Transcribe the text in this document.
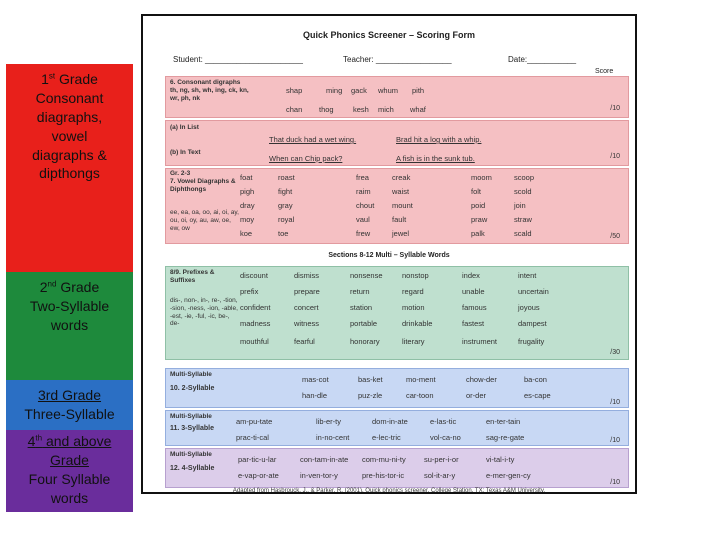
1st Grade
Consonant
diagraphs,
vowel
diagraphs &
dipthongs
2nd Grade
Two-Syllable
words
3rd Grade
Three-Syllable
4th and above
Grade
Four Syllable
words
Quick Phonics Screener – Scoring Form
Student: ______________________	Teacher: _________________	Date:___________
Score
6. Consonant digraphs th, ng, sh, wh, ing, ck, kn, wr, ph, nk
shap	ming gack whum pith
chan thog	kesh mich whaf	/10
(a) In List
(b) In Text
That duck had a wet wing.	Brad hit a log with a whip.
When can Chip pack?	A fish is in the sunk tub.	/10
Gr. 2-3
7. Vowel Diagraphs & Diphthongs
ee, ea, oa, oo, ai, oi, ay, ou, oi, oy, au, aw, oe, ew, ow
foat	roast	frea	creak	moom	scoop
pigh	fight	raim	waist	folt	scold
dray	gray	chout mount	poid	join
moy	royal	vaul	fault	praw	straw
koe	toe	frew	jewel	palk	scald	/50
Sections 8-12 Multi – Syllable Words
8/9. Prefixes & Suffixes
dis-, non-, in-, re-, -tion, -sion, -ness, -ion, -able, -est, -ie, -ful, -ic, be-, de-
discount	dismiss	nonsense	nonstop	index	intent
prefix	prepare	return	regard	unable	uncertain
confident	concert	station	motion	famous	joyous
madness	witness	portable	drinkable	fastest	dampest
mouthful	fearful	honorary	literary	instrument	frugality
/30
Multi-Syllable
10. 2-Syllable
mas-cot	bas-ket	mo-ment	chow-der	ba-con
han-dle	puz-zle	car-toon	or-der	es-cape
/10
Multi-Syllable
11. 3-Syllable
am-pu-tate	lib-er-ty	dom-in-ate	e-las-tic	en-ter-tain
prac-ti-cal	in-no-cent	e-lec-tric	vol-ca-no	sag-re-gate	/10
Multi-Syllable
12. 4-Syllable
par-tic-u-lar	con-tam-in-ate com-mu-ni-ty su-per-i-or	vi-tal-i-ty
e-vap-or-ate	in-ven-tor-y	pre-his-tor-ic	sol-it-ar-y	e-mer-gen-cy
/10
Adapted from Hasbrouck, J., & Parker, R. (2001). Quick phonics screener. College Station, TX: Texas A&M University.
